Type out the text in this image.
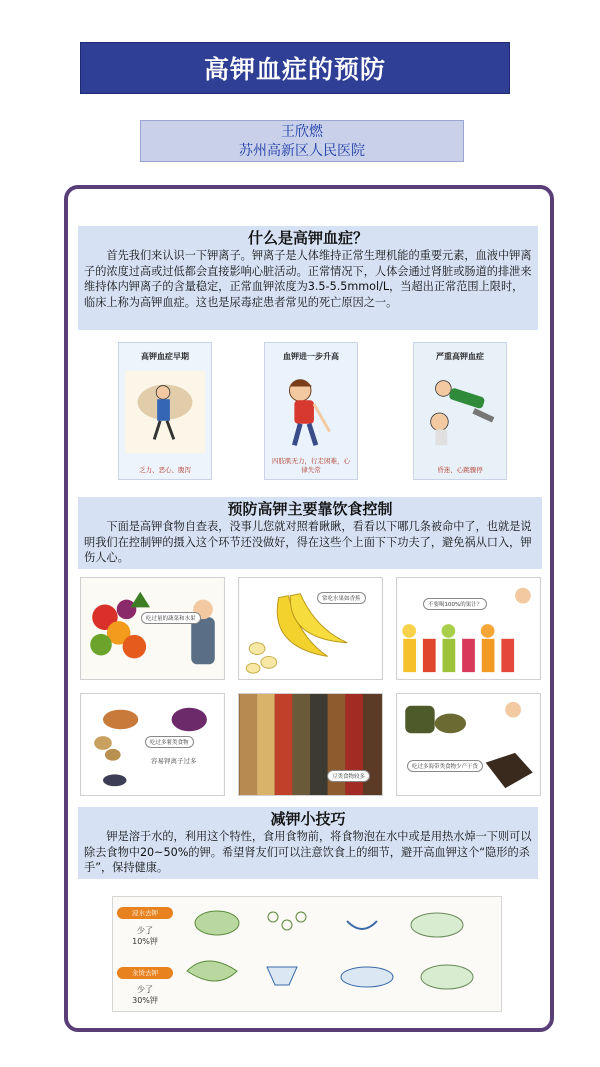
高钾血症的预防
王欣燃
苏州高新区人民医院
什么是高钾血症？

首先我们来认识一下钾离子。钾离子是人体维持正常生理机能的重要元素，血液中钾离子的浓度过高或过低都会直接影响心脏活动。正常情况下，人体会通过肾脏或肠道的排泄来维持体内钾离子的含量稳定，正常血钾浓度为3.5-5.5mmol/L，当超出正常范围上限时，临床上称为高钾血症。这也是尿毒症患者常见的死亡原因之一。

高钾血症早期
乏力、恶心、腹泻
血钾进一步升高
四肢肌无力，行走困难，心律失常
严重高钾血症
昏迷、心跳骤停
预防高钾主要靠饮食控制

下面是高钾食物自查表，没事儿您就对照着瞅瞅，看看以下哪几条被命中了，也就是说明我们在控制钾的摄入这个环节还没做好，得在这些个上面下下功夫了，避免祸从口入，钾伤人心。

吃过量的蔬菜和水果
常吃水果如香蕉
不要喝100%的果汁？
吃过多薯类食物
容易钾离子过多
豆类食物较多
吃过多海带类食物少产干货
减钾小技巧

钾是溶于水的，利用这个特性，食用食物前，将食物泡在水中或是用热水焯一下则可以除去食物中20~50%的钾。希望肾友们可以注意饮食上的细节，避开高血钾这个“隐形的杀手”，保持健康。

浸水去钾
少了
10%钾
汆烫去钾
少了
30%钾
